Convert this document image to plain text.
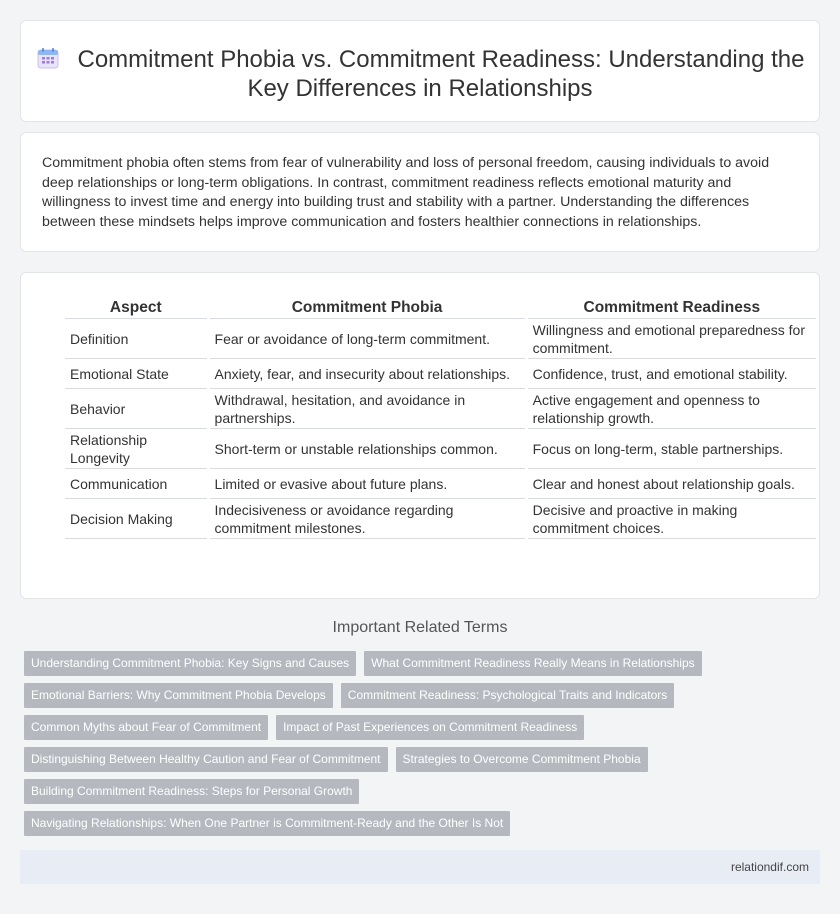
Commitment Phobia vs. Commitment Readiness: Understanding the Key Differences in Relationships

Commitment phobia often stems from fear of vulnerability and loss of personal freedom, causing individuals to avoid deep relationships or long-term obligations. In contrast, commitment readiness reflects emotional maturity and willingness to invest time and energy into building trust and stability with a partner. Understanding the differences between these mindsets helps improve communication and fosters healthier connections in relationships.

Aspect	Commitment Phobia	Commitment Readiness
Definition	Fear or avoidance of long-term commitment.	Willingness and emotional preparedness for commitment.
Emotional State	Anxiety, fear, and insecurity about relationships.	Confidence, trust, and emotional stability.
Behavior	Withdrawal, hesitation, and avoidance in partnerships.	Active engagement and openness to relationship growth.
Relationship Longevity	Short-term or unstable relationships common.	Focus on long-term, stable partnerships.
Communication	Limited or evasive about future plans.	Clear and honest about relationship goals.
Decision Making	Indecisiveness or avoidance regarding commitment milestones.	Decisive and proactive in making commitment choices.
Important Related Terms
Understanding Commitment Phobia: Key Signs and Causes What Commitment Readiness Really Means in Relationships
Emotional Barriers: Why Commitment Phobia Develops Commitment Readiness: Psychological Traits and Indicators
Common Myths about Fear of Commitment Impact of Past Experiences on Commitment Readiness
Distinguishing Between Healthy Caution and Fear of Commitment Strategies to Overcome Commitment Phobia
Building Commitment Readiness: Steps for Personal Growth
Navigating Relationships: When One Partner is Commitment-Ready and the Other Is Not
relationdif.com
